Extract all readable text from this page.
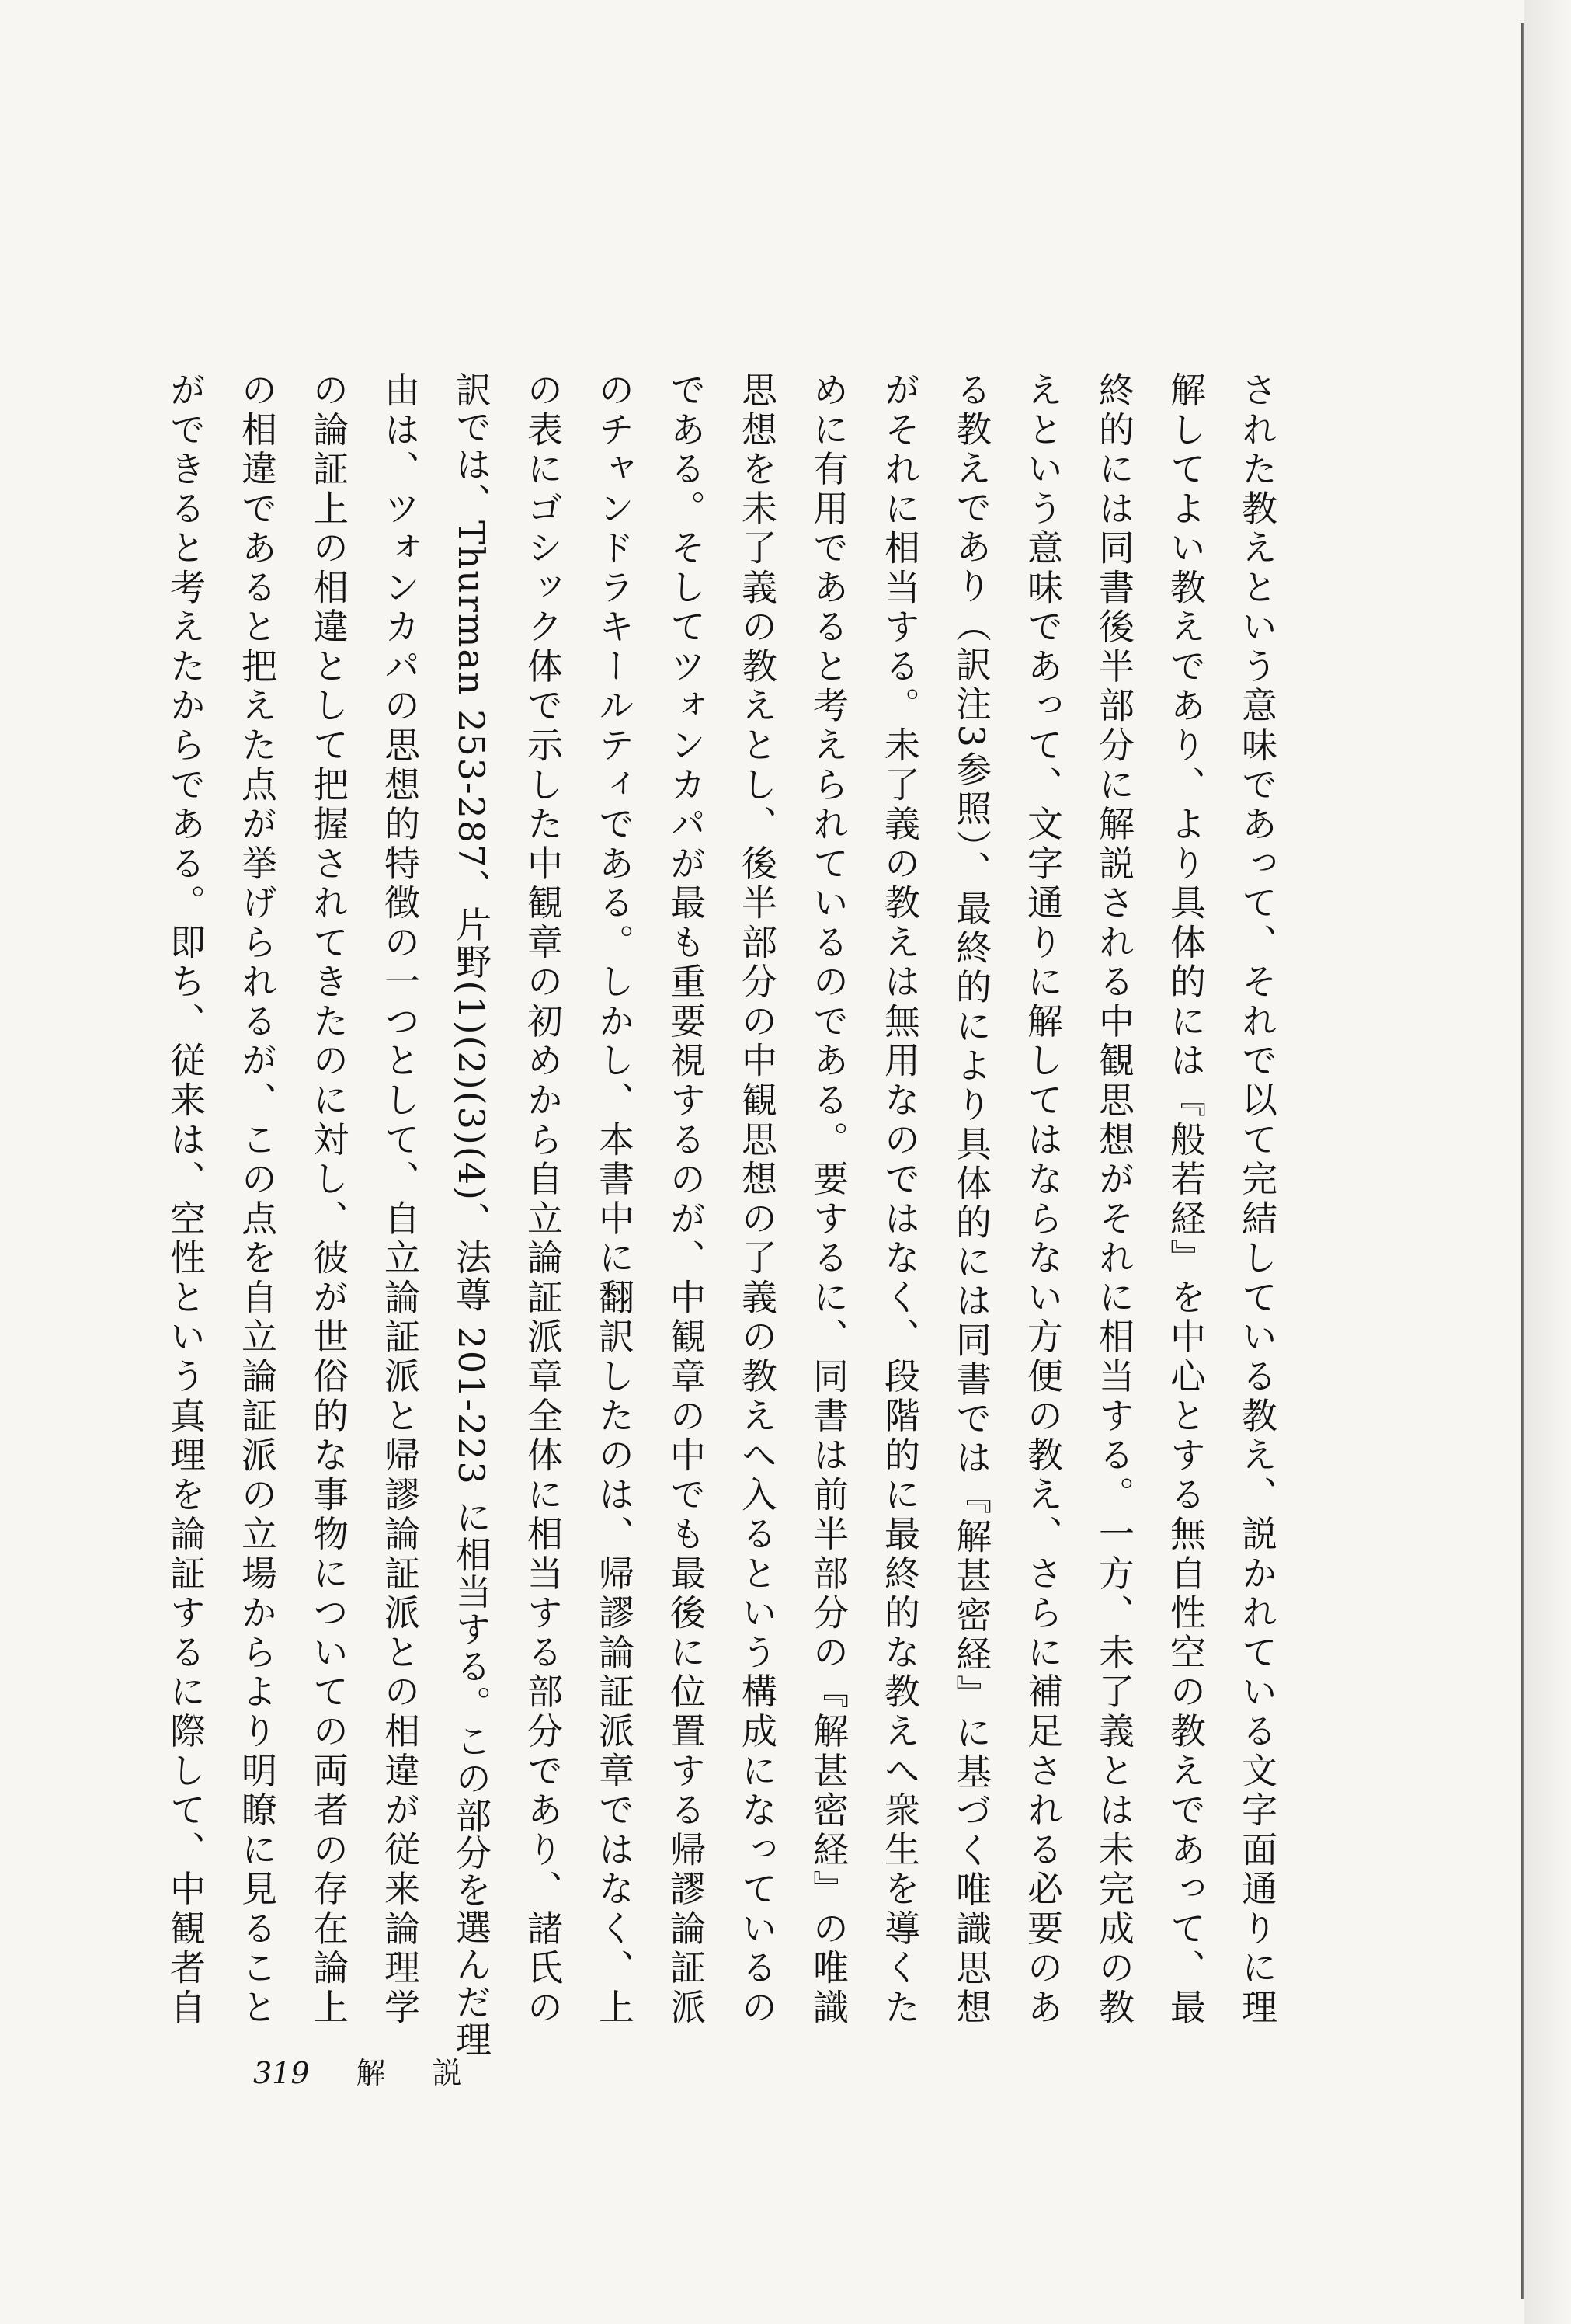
された教えという意味であって、それで以て完結している教え、説かれている文字面通りに理
解してよい教えであり、より具体的には『般若経』を中心とする無自性空の教えであって、最
終的には同書後半部分に解説される中観思想がそれに相当する。一方、未了義とは未完成の教
えという意味であって、文字通りに解してはならない方便の教え、さらに補足される必要のあ
る教えであり（訳注3参照）、最終的により具体的には同書では『解甚密経』に基づく唯識思想
がそれに相当する。未了義の教えは無用なのではなく、段階的に最終的な教えへ衆生を導くた
めに有用であると考えられているのである。要するに、同書は前半部分の『解甚密経』の唯識
思想を未了義の教えとし、後半部分の中観思想の了義の教えへ入るという構成になっているの
である。そしてツォンカパが最も重要視するのが、中観章の中でも最後に位置する帰謬論証派
のチャンドラキールティである。しかし、本書中に翻訳したのは、帰謬論証派章ではなく、上
の表にゴシック体で示した中観章の初めから自立論証派章全体に相当する部分であり、諸氏の
訳では、Thurman 253-287、片野(1)(2)(3)(4)、法尊 201-223 に相当する。この部分を選んだ理
由は、ツォンカパの思想的特徴の一つとして、自立論証派と帰謬論証派との相違が従来論理学
の論証上の相違として把握されてきたのに対し、彼が世俗的な事物についての両者の存在論上
の相違であると把えた点が挙げられるが、この点を自立論証派の立場からより明瞭に見ること
ができると考えたからである。即ち、従来は、空性という真理を論証するに際して、中観者自
319 解説
